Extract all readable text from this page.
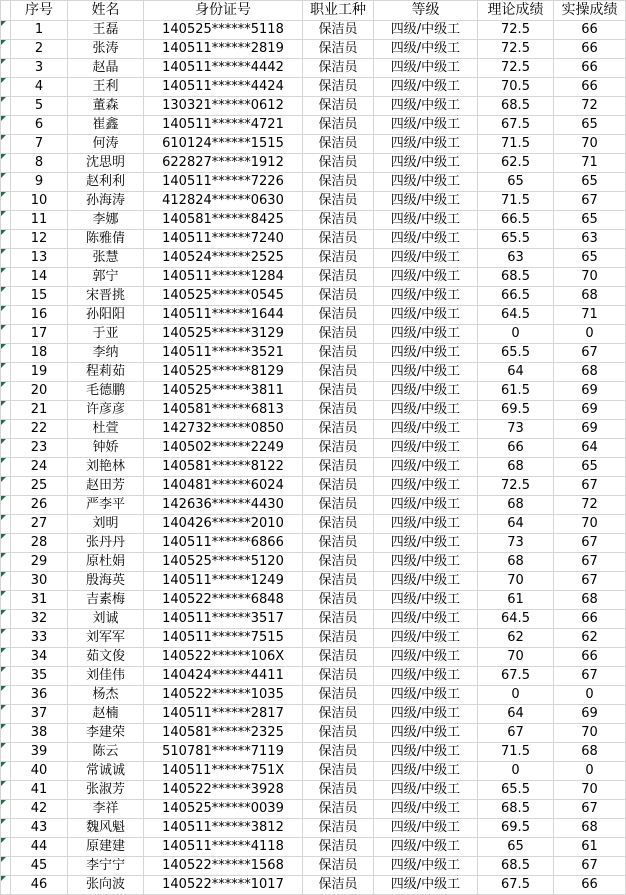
	序号	姓名	身份证号	职业工种	等级	理论成绩	实操成绩

	1	王磊	140525******5118	保洁员	四级/中级工	72.5	66

	2	张涛	140511******2819	保洁员	四级/中级工	72.5	66

	3	赵晶	140511******4442	保洁员	四级/中级工	72.5	66

	4	王利	140511******4424	保洁员	四级/中级工	70.5	66

	5	董森	130321******0612	保洁员	四级/中级工	68.5	72

	6	崔鑫	140511******4721	保洁员	四级/中级工	67.5	65

	7	何涛	610124******1515	保洁员	四级/中级工	71.5	70

	8	沈思明	622827******1912	保洁员	四级/中级工	62.5	71

	9	赵利利	140511******7226	保洁员	四级/中级工	65	65

	10	孙海涛	412824******0630	保洁员	四级/中级工	71.5	67

	11	李娜	140581******8425	保洁员	四级/中级工	66.5	65

	12	陈雅倩	140511******7240	保洁员	四级/中级工	65.5	63

	13	张慧	140524******2525	保洁员	四级/中级工	63	65

	14	郭宁	140511******1284	保洁员	四级/中级工	68.5	70

	15	宋晋挑	140525******0545	保洁员	四级/中级工	66.5	68

	16	孙阳阳	140511******1644	保洁员	四级/中级工	64.5	71

	17	于亚	140525******3129	保洁员	四级/中级工	0	0

	18	李纳	140511******3521	保洁员	四级/中级工	65.5	67

	19	程莉茹	140525******8129	保洁员	四级/中级工	64	68

	20	毛德鹏	140525******3811	保洁员	四级/中级工	61.5	69

	21	许彦彦	140581******6813	保洁员	四级/中级工	69.5	69

	22	杜萱	142732******0850	保洁员	四级/中级工	73	69

	23	钟娇	140502******2249	保洁员	四级/中级工	66	64

	24	刘艳林	140581******8122	保洁员	四级/中级工	68	65

	25	赵田芳	140481******6024	保洁员	四级/中级工	72.5	67

	26	严李平	142636******4430	保洁员	四级/中级工	68	72

	27	刘明	140426******2010	保洁员	四级/中级工	64	70

	28	张丹丹	140511******6866	保洁员	四级/中级工	73	67

	29	原杜娟	140525******5120	保洁员	四级/中级工	68	67

	30	殷海英	140511******1249	保洁员	四级/中级工	70	67

	31	吉素梅	140522******6848	保洁员	四级/中级工	61	68

	32	刘诚	140511******3517	保洁员	四级/中级工	64.5	66

	33	刘军军	140511******7515	保洁员	四级/中级工	62	62

	34	茹文俊	140522******106X	保洁员	四级/中级工	70	66

	35	刘佳伟	140424******4411	保洁员	四级/中级工	67.5	67

	36	杨杰	140522******1035	保洁员	四级/中级工	0	0

	37	赵楠	140511******2817	保洁员	四级/中级工	64	69

	38	李建荣	140581******2325	保洁员	四级/中级工	67	70

	39	陈云	510781******7119	保洁员	四级/中级工	71.5	68

	40	常诚诚	140511******751X	保洁员	四级/中级工	0	0

	41	张淑芳	140522******3928	保洁员	四级/中级工	65.5	70

	42	李祥	140525******0039	保洁员	四级/中级工	68.5	67

	43	魏风魁	140511******3812	保洁员	四级/中级工	69.5	68

	44	原建建	140511******4118	保洁员	四级/中级工	65	61

	45	李宁宁	140522******1568	保洁员	四级/中级工	68.5	67

	46	张向波	140522******1017	保洁员	四级/中级工	67.5	66
